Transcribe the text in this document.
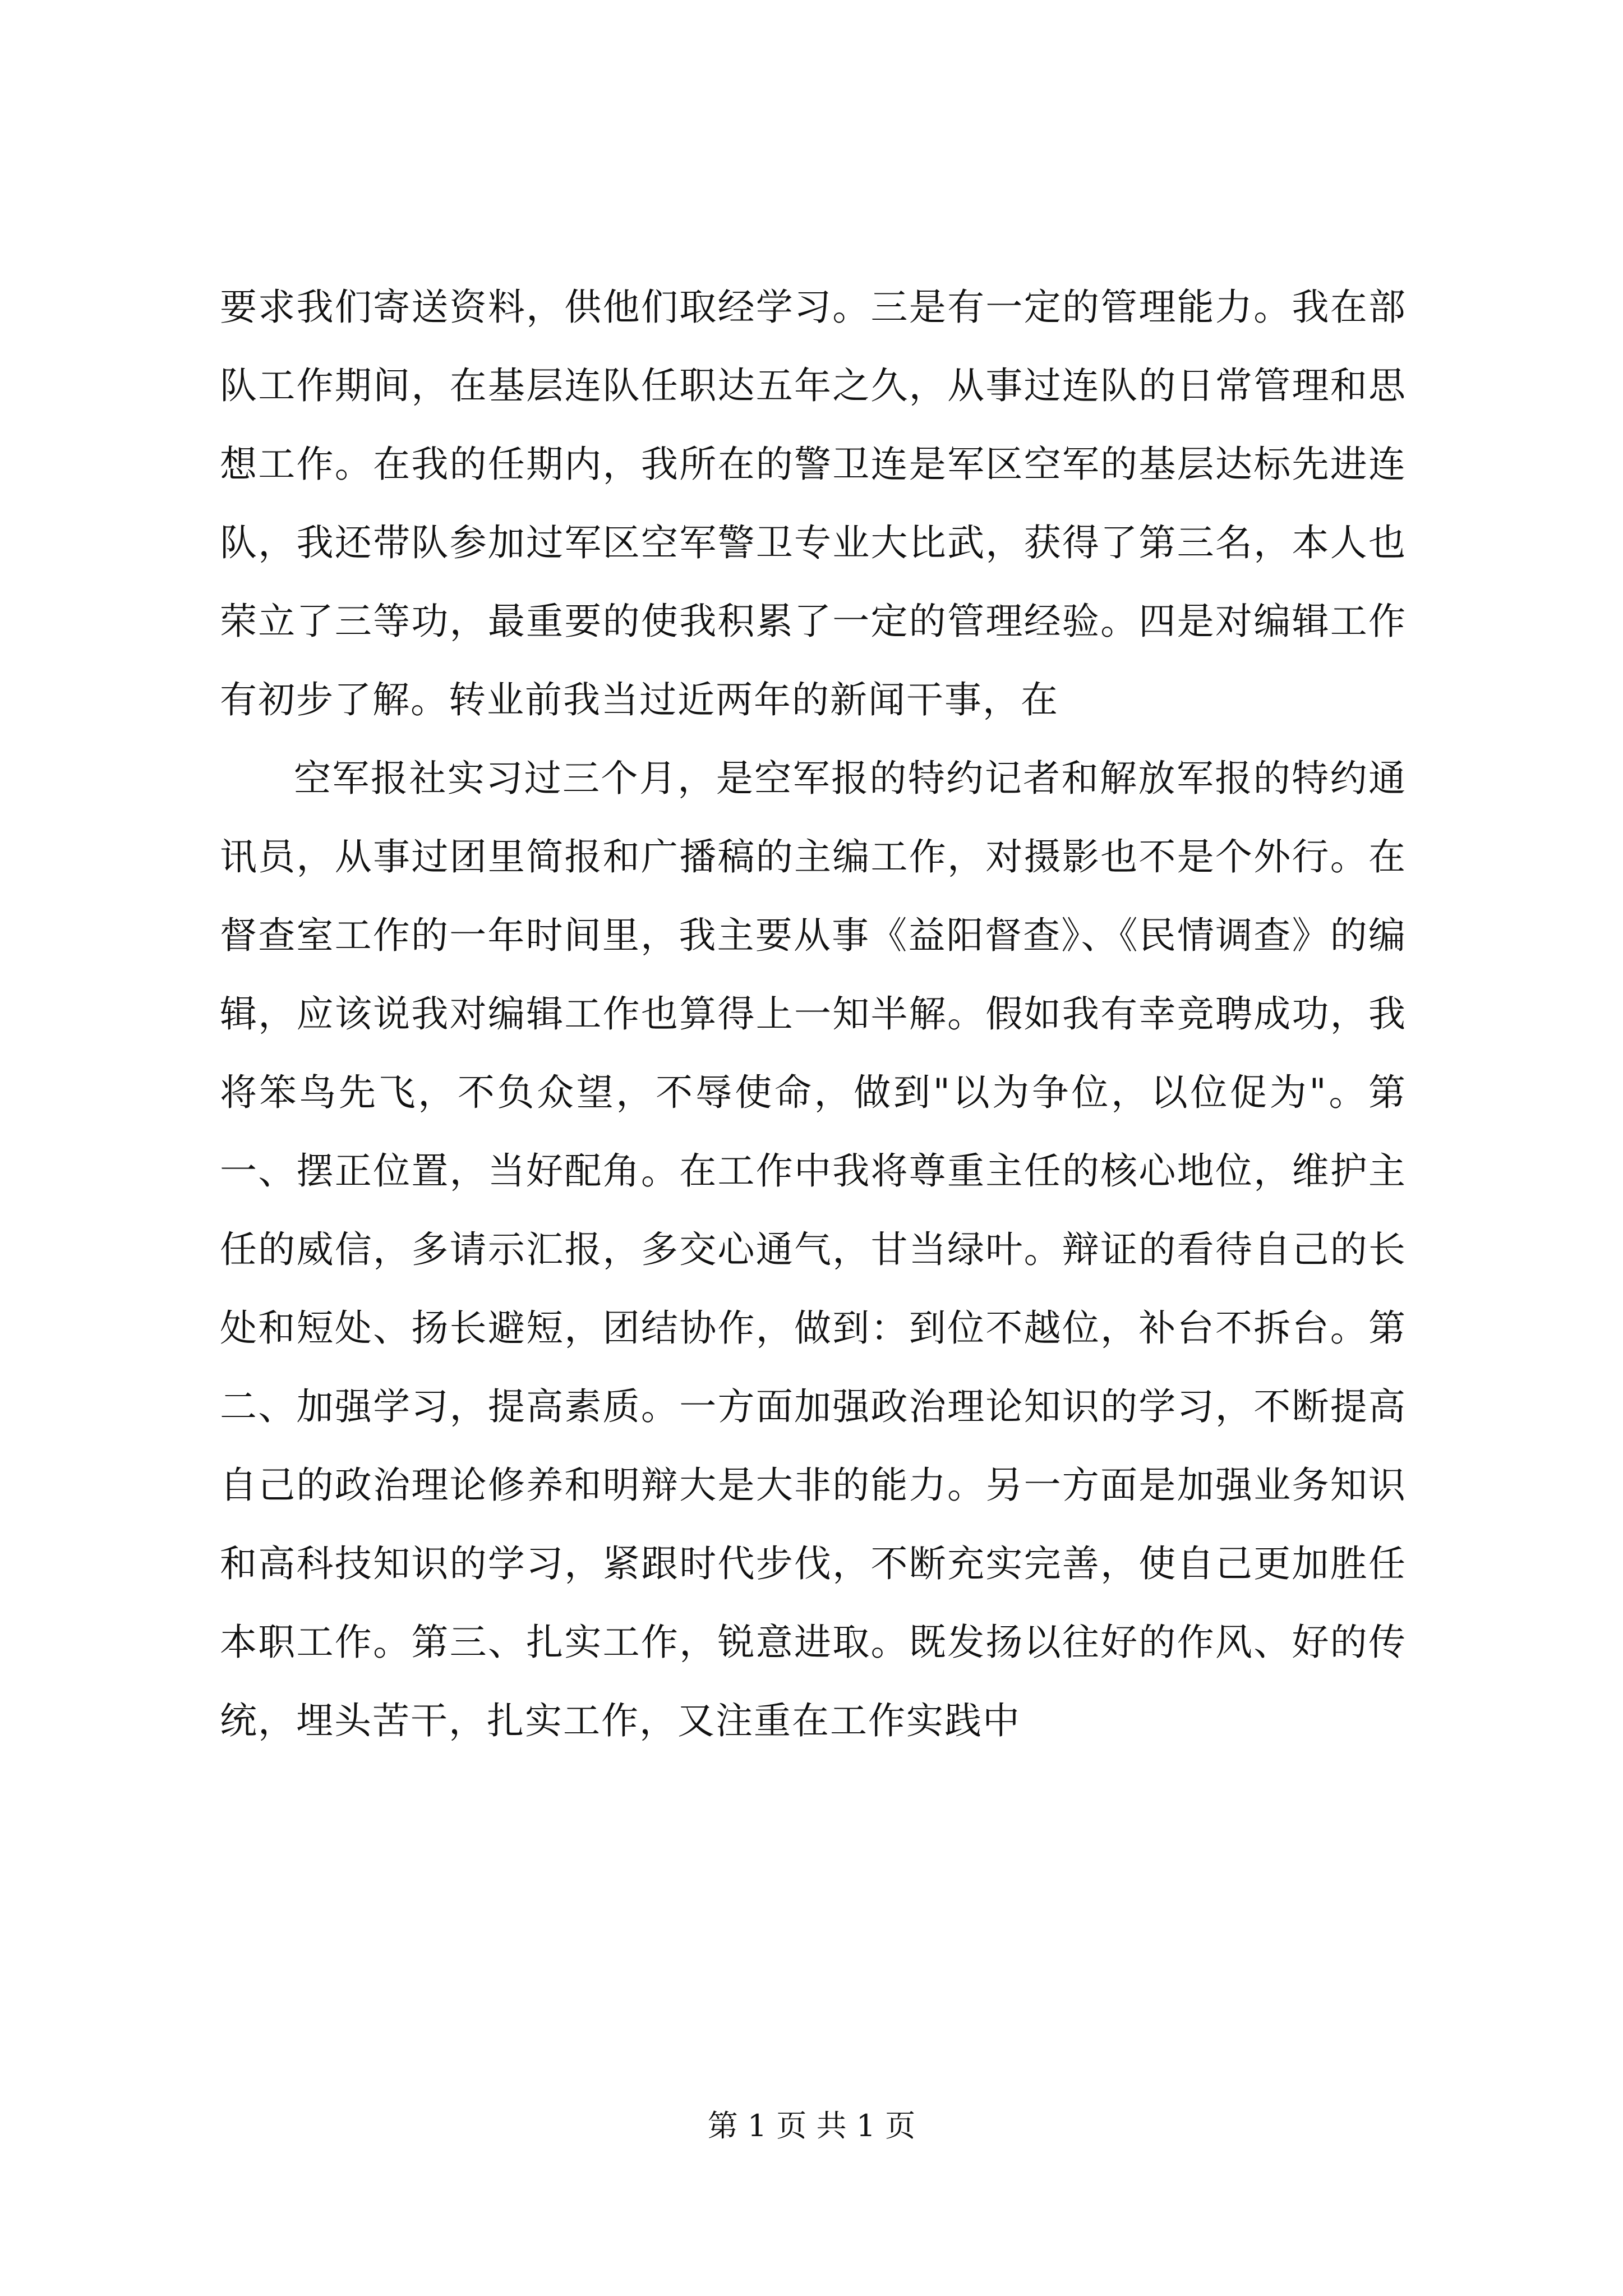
要求我们寄送资料，供他们取经学习。三是有一定的管理能力。我在部队工作期间，在基层连队任职达五年之久，从事过连队的日常管理和思想工作。在我的任期内，我所在的警卫连是军区空军的基层达标先进连队，我还带队参加过军区空军警卫专业大比武，获得了第三名，本人也荣立了三等功，最重要的使我积累了一定的管理经验。四是对编辑工作有初步了解。转业前我当过近两年的新闻干事，在

空军报社实习过三个月，是空军报的特约记者和解放军报的特约通讯员，从事过团里简报和广播稿的主编工作，对摄影也不是个外行。在督查室工作的一年时间里，我主要从事《益阳督查》、《民情调查》的编辑，应该说我对编辑工作也算得上一知半解。假如我有幸竞聘成功，我将笨鸟先飞，不负众望，不辱使命，做到"以为争位，以位促为"。第一、摆正位置，当好配角。在工作中我将尊重主任的核心地位，维护主任的威信，多请示汇报，多交心通气，甘当绿叶。辩证的看待自己的长处和短处、扬长避短，团结协作，做到：到位不越位，补台不拆台。第二、加强学习，提高素质。一方面加强政治理论知识的学习，不断提高自己的政治理论修养和明辩大是大非的能力。另一方面是加强业务知识和高科技知识的学习，紧跟时代步伐，不断充实完善，使自己更加胜任本职工作。第三、扎实工作，锐意进取。既发扬以往好的作风、好的传统，埋头苦干，扎实工作，又注重在工作实践中

第 1 页 共 1 页
